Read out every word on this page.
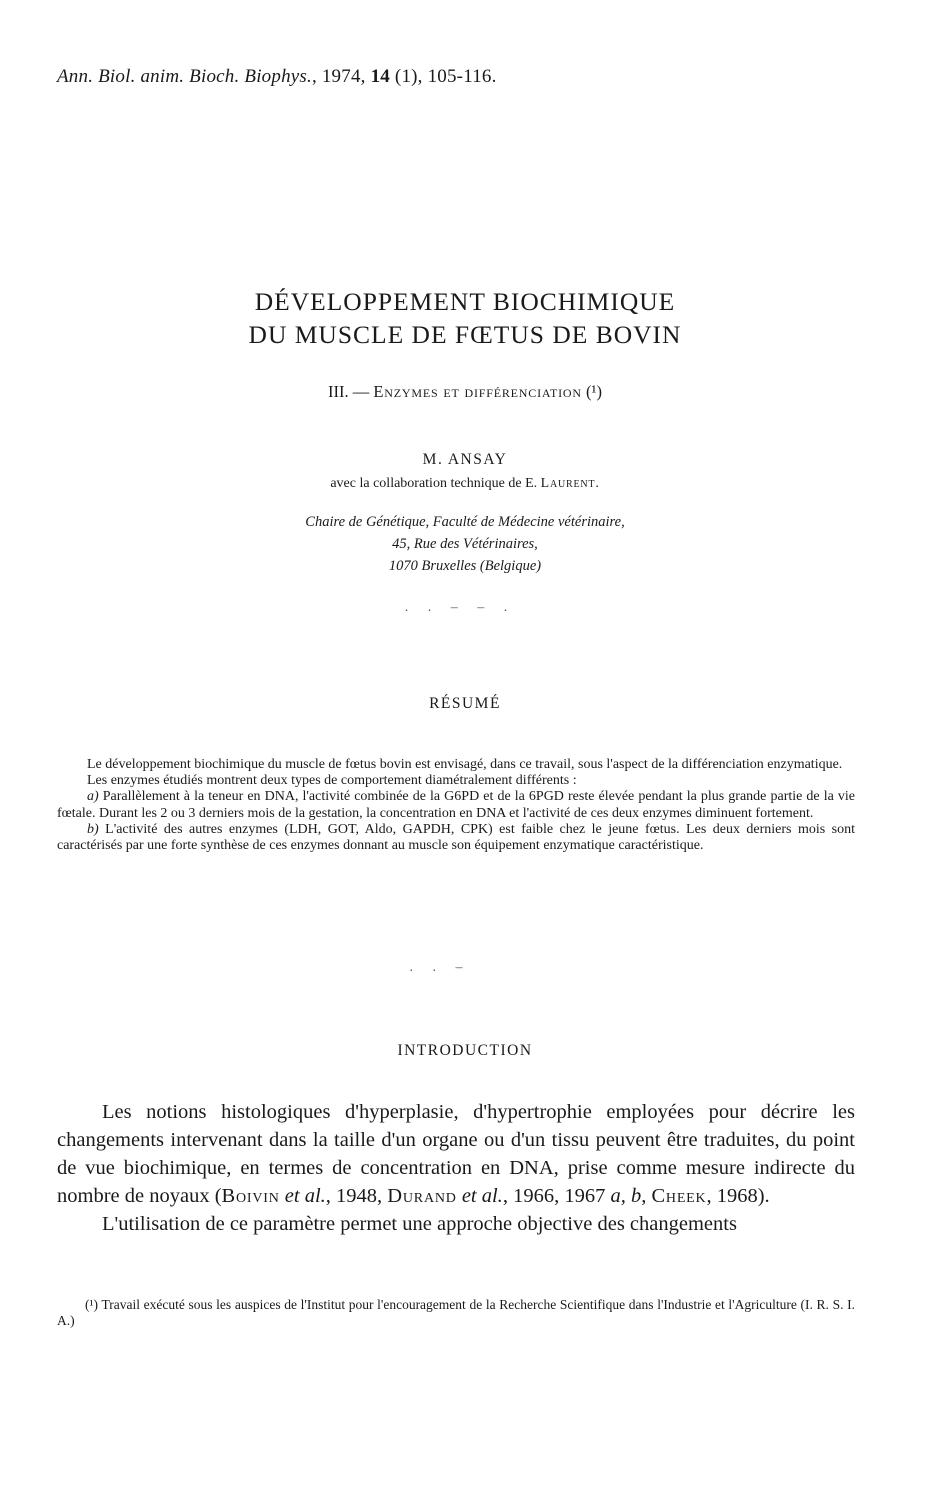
Ann. Biol. anim. Bioch. Biophys., 1974, 14 (1), 105-116.
DÉVELOPPEMENT BIOCHIMIQUE
DU MUSCLE DE FŒTUS DE BOVIN
III. — Enzymes et différenciation (¹)
M. ANSAY
avec la collaboration technique de E. Laurent.
Chaire de Génétique, Faculté de Médecine vétérinaire,
45, Rue des Vétérinaires,
1070 Bruxelles (Belgique)
. . – – .
RÉSUMÉ

Le développement biochimique du muscle de fœtus bovin est envisagé, dans ce travail, sous l'aspect de la différenciation enzymatique.

Les enzymes étudiés montrent deux types de comportement diamétralement différents :

a) Parallèlement à la teneur en DNA, l'activité combinée de la G6PD et de la 6PGD reste élevée pendant la plus grande partie de la vie fœtale. Durant les 2 ou 3 derniers mois de la gestation, la concentration en DNA et l'activité de ces deux enzymes diminuent fortement.

b) L'activité des autres enzymes (LDH, GOT, Aldo, GAPDH, CPK) est faible chez le jeune fœtus. Les deux derniers mois sont caractérisés par une forte synthèse de ces enzymes donnant au muscle son équipement enzymatique caractéristique.

. . –
INTRODUCTION

Les notions histologiques d'hyperplasie, d'hypertrophie employées pour décrire les changements intervenant dans la taille d'un organe ou d'un tissu peuvent être traduites, du point de vue biochimique, en termes de concentration en DNA, prise comme mesure indirecte du nombre de noyaux (Boivin et al., 1948, Durand et al., 1966, 1967 a, b, Cheek, 1968).

L'utilisation de ce paramètre permet une approche objective des changements

(¹) Travail exécuté sous les auspices de l'Institut pour l'encouragement de la Recherche Scientifique dans l'Industrie et l'Agriculture (I. R. S. I. A.)
